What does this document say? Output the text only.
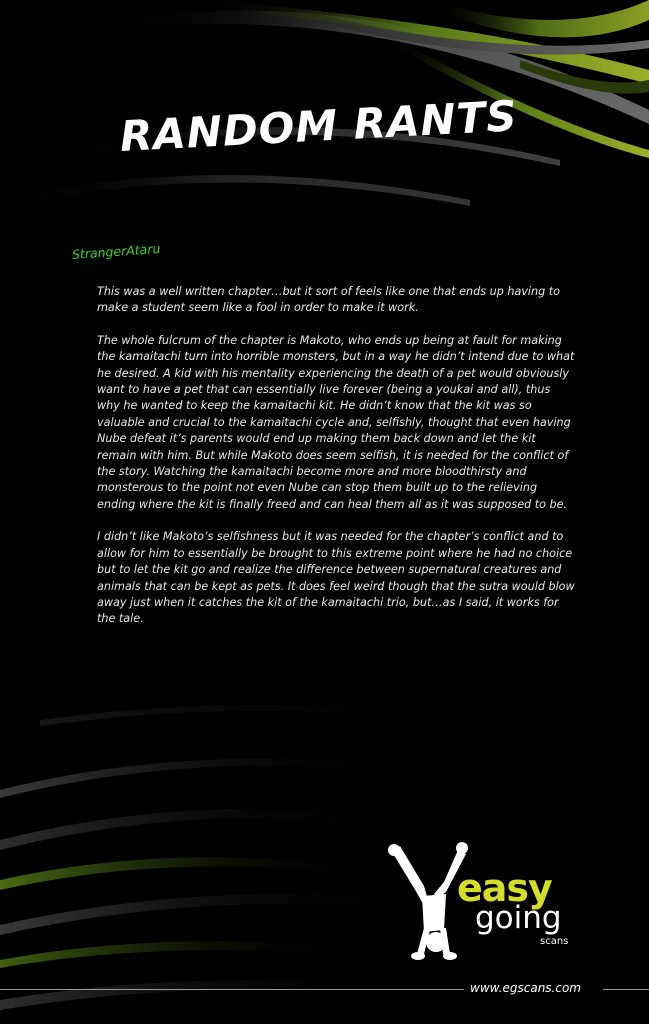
RANDOM RANTS
StrangerAtaru

This was a well written chapter…but it sort of feels like one that ends up having to make a student seem like a fool in order to make it work.

The whole fulcrum of the chapter is Makoto, who ends up being at fault for making the kamaitachi turn into horrible monsters, but in a way he didn’t intend due to what he desired. A kid with his mentality experiencing the death of a pet would obviously want to have a pet that can essentially live forever (being a youkai and all), thus why he wanted to keep the kamaitachi kit. He didn’t know that the kit was so valuable and crucial to the kamaitachi cycle and, selfishly, thought that even having Nube defeat it’s parents would end up making them back down and let the kit remain with him. But while Makoto does seem selfish, it is needed for the conflict of the story. Watching the kamaitachi become more and more bloodthirsty and monsterous to the point not even Nube can stop them built up to the relieving ending where the kit is finally freed and can heal them all as it was supposed to be.

I didn’t like Makoto’s selfishness but it was needed for the chapter’s conflict and to allow for him to essentially be brought to this extreme point where he had no choice but to let the kit go and realize the difference between supernatural creatures and animals that can be kept as pets. It does feel weird though that the sutra would blow away just when it catches the kit of the kamaitachi trio, but…as I said, it works for the tale.

easy
going
scans
www.egscans.com
